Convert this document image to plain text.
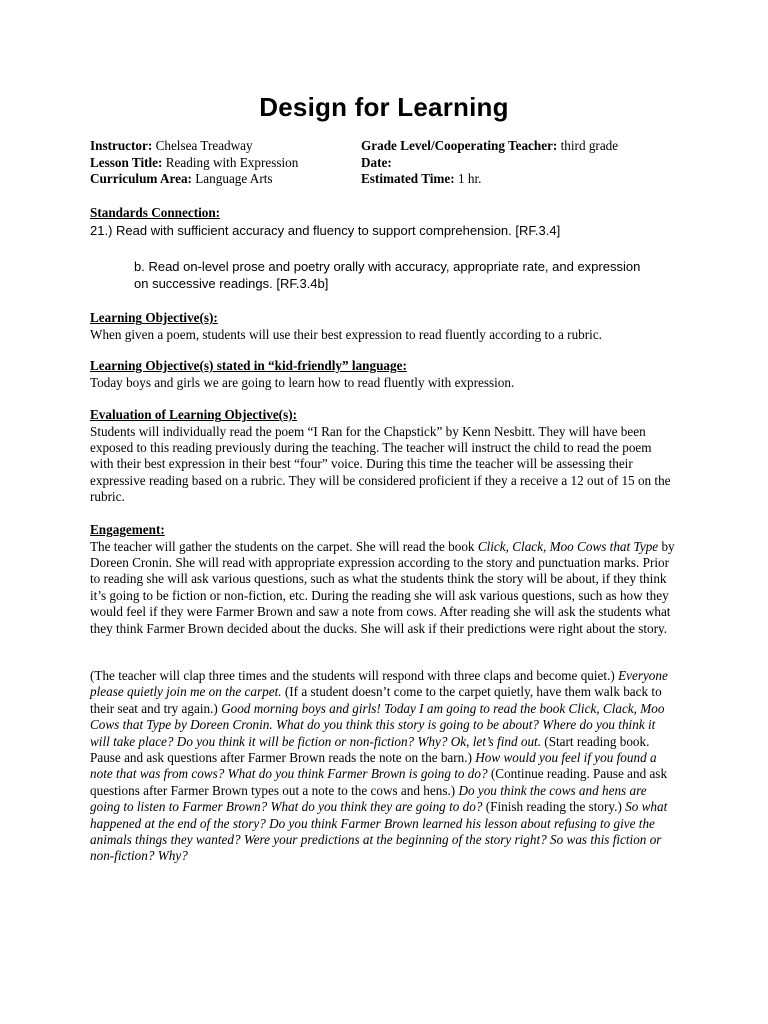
Design for Learning
Instructor: Chelsea Treadway
Lesson Title: Reading with Expression
Curriculum Area: Language Arts
Grade Level/Cooperating Teacher: third grade
Date:
Estimated Time: 1 hr.
Standards Connection:

21.) Read with sufficient accuracy and fluency to support comprehension. [RF.3.4]

b. Read on-level prose and poetry orally with accuracy, appropriate rate, and expression on successive readings. [RF.3.4b]

Learning Objective(s):

When given a poem, students will use their best expression to read fluently according to a rubric.

Learning Objective(s) stated in “kid-friendly” language:

Today boys and girls we are going to learn how to read fluently with expression.

Evaluation of Learning Objective(s):

Students will individually read the poem “I Ran for the Chapstick” by Kenn Nesbitt. They will have been exposed to this reading previously during the teaching. The teacher will instruct the child to read the poem with their best expression in their best “four” voice. During this time the teacher will be assessing their expressive reading based on a rubric. They will be considered proficient if they a receive a 12 out of 15 on the rubric.

Engagement:

The teacher will gather the students on the carpet. She will read the book Click, Clack, Moo Cows that Type by Doreen Cronin. She will read with appropriate expression according to the story and punctuation marks. Prior to reading she will ask various questions, such as what the students think the story will be about, if they think it’s going to be fiction or non-fiction, etc. During the reading she will ask various questions, such as how they would feel if they were Farmer Brown and saw a note from cows. After reading she will ask the students what they think Farmer Brown decided about the ducks. She will ask if their predictions were right about the story.

(The teacher will clap three times and the students will respond with three claps and become quiet.) Everyone please quietly join me on the carpet. (If a student doesn’t come to the carpet quietly, have them walk back to their seat and try again.) Good morning boys and girls! Today I am going to read the book Click, Clack, Moo Cows that Type by Doreen Cronin. What do you think this story is going to be about? Where do you think it will take place? Do you think it will be fiction or non-fiction? Why? Ok, let’s find out. (Start reading book. Pause and ask questions after Farmer Brown reads the note on the barn.) How would you feel if you found a note that was from cows? What do you think Farmer Brown is going to do? (Continue reading. Pause and ask questions after Farmer Brown types out a note to the cows and hens.) Do you think the cows and hens are going to listen to Farmer Brown? What do you think they are going to do? (Finish reading the story.) So what happened at the end of the story? Do you think Farmer Brown learned his lesson about refusing to give the animals things they wanted? Were your predictions at the beginning of the story right? So was this fiction or non-fiction? Why?
